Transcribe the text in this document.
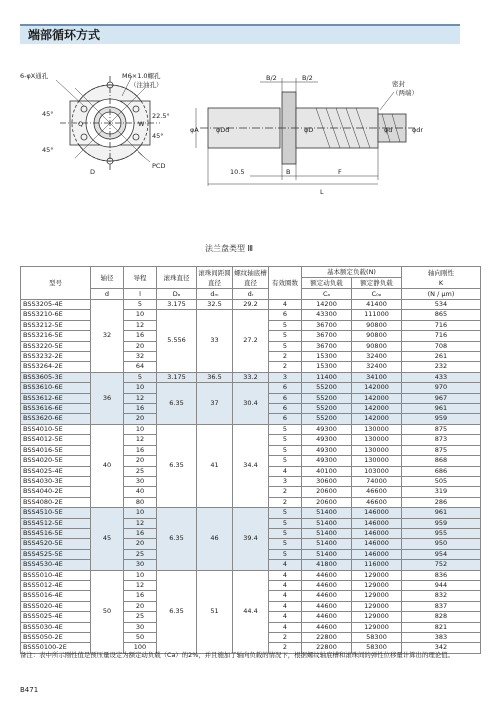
端部循环方式
6-φX通孔	M6×1.0螺孔
（注油孔）
45°
45°
22.5°
45°
PCD
Q	W
B/2	B/2
密封
（两端）
10.5	B	F
L
φA	φDd	φD	φd	φdr
D
法兰盘类型 Ⅲ
型号	轴径	导程	滚珠直径	滚珠间距圆直径	螺纹轴底槽直径	有效圈数	基本额定负载(N)		轴向刚性
K
							额定动负载	额定静负载	
	d	l	Dₐ	dₘ	dᵣ		Cₐ	C₀ₐ	(N / μm)
BSS3205-4E	32	5	3.175	32.5	29.2	4	14200	41400	534
BSS3210-6E		10	5.556	33	27.2	6	43300	111000	865
BSS3212-5E		12				5	36700	90800	716
BSS3216-5E		16				5	36700	90800	716
BSS3220-5E		20				5	36700	90800	708
BSS3232-2E		32				2	15300	32400	261
BSS3264-2E		64				2	15300	32400	232
BSS3605-3E	36	5	3.175	36.5	33.2	3	11400	34100	433
BSS3610-6E		10	6.35	37	30.4	6	55200	142000	970
BSS3612-6E		12				6	55200	142000	967
BSS3616-6E		16				6	55200	142000	961
BSS3620-6E		20				6	55200	142000	959
BSS4010-5E	40	10	6.35	41	34.4	5	49300	130000	875
BSS4012-5E		12				5	49300	130000	873
BSS4016-5E		16				5	49300	130000	875
BSS4020-5E		20				5	49300	130000	868
BSS4025-4E		25				4	40100	103000	686
BSS4030-3E		30				3	30600	74000	505
BSS4040-2E		40				2	20600	46600	319
BSS4080-2E		80				2	20600	46600	286
BSS4510-5E	45	10	6.35	46	39.4	5	51400	146000	961
BSS4512-5E		12				5	51400	146000	959
BSS4516-5E		16				5	51400	146000	955
BSS4520-5E		20				5	51400	146000	950
BSS4525-5E		25				5	51400	146000	954
BSS4530-4E		30				4	41800	116000	752
BSS5010-4E	50	10	6.35	51	44.4	4	44600	129000	836
BSS5012-4E		12				4	44600	129000	944
BSS5016-4E		16				4	44600	129000	832
BSS5020-4E		20				4	44600	129000	837
BSS5025-4E		25				4	44600	129000	828
BSS5030-4E		30				4	44600	129000	821
BSS5050-2E		50				2	22800	58300	383
BSS50100-2E		100				2	22800	58300	342
备注：表中所示刚性值是预压量设定为额定动负载（Ca）的2%，并且施加了轴向负载的情况下，根据螺纹轴底槽和滚珠间的弹性位移量计算出的理论值。
B471
